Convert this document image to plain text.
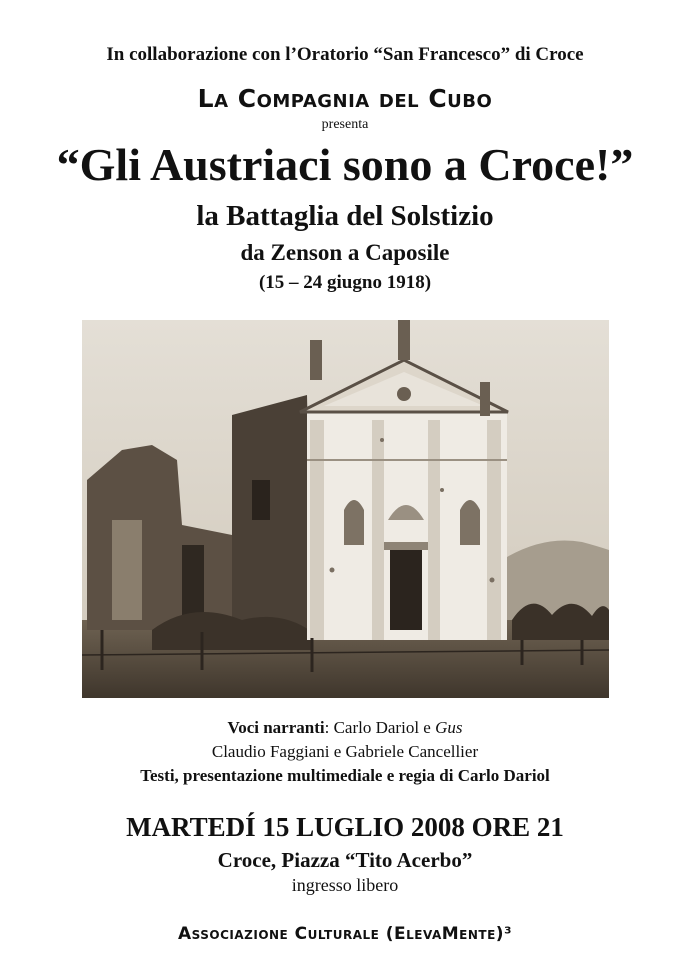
In collaborazione con l’Oratorio “San Francesco” di Croce
La Compagnia del Cubo
presenta
“Gli Austriaci sono a Croce!”
la Battaglia del Solstizio
da Zenson a Caposile
(15 – 24 giugno 1918)
Voci narranti: Carlo Dariol e Gus
Claudio Faggiani e Gabriele Cancellier
Testi, presentazione multimediale e regia di Carlo Dariol
MARTEDÍ 15 LUGLIO 2008 ORE 21
Croce, Piazza “Tito Acerbo”
ingresso libero
Associazione Culturale (ElevaMente)³
